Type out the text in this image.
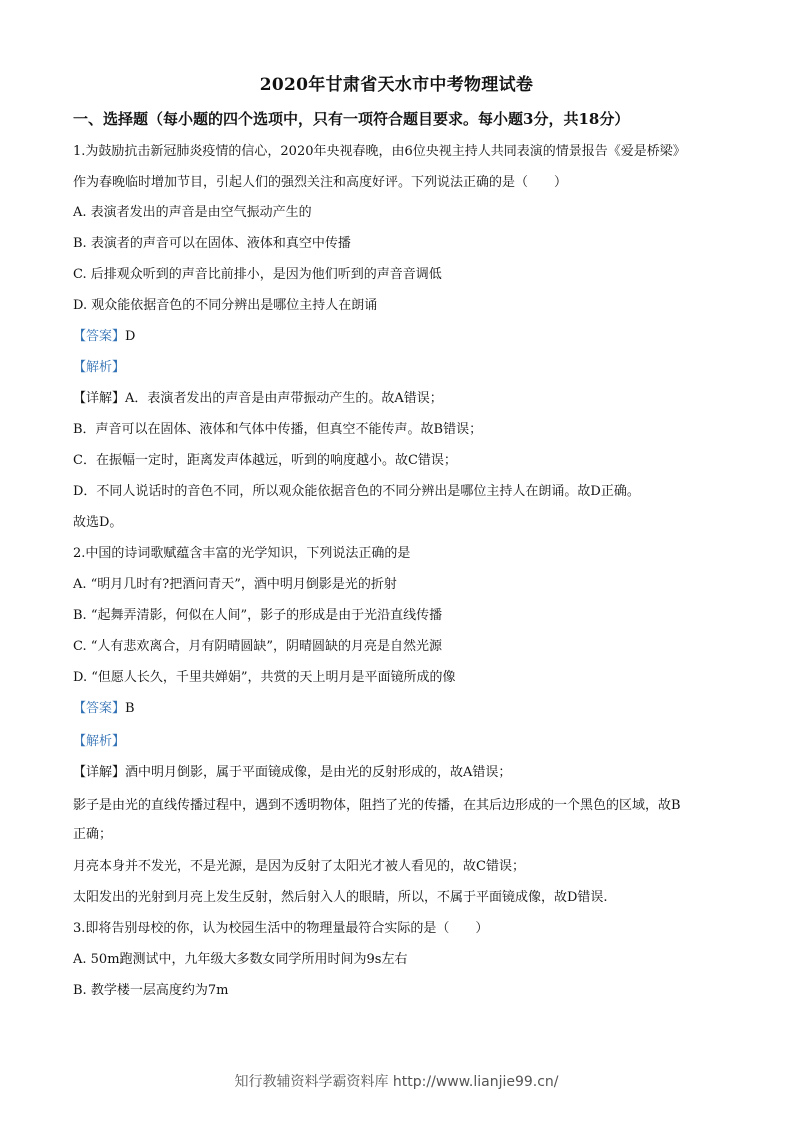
2020年甘肃省天水市中考物理试卷
一、选择题（每小题的四个选项中，只有一项符合题目要求。每小题3分，共18分）
1.为鼓励抗击新冠肺炎疫情的信心，2020年央视春晚，由6位央视主持人共同表演的情景报告《爱是桥梁》
作为春晚临时增加节目，引起人们的强烈关注和高度好评。下列说法正确的是（　　）
A. 表演者发出的声音是由空气振动产生的
B. 表演者的声音可以在固体、液体和真空中传播
C. 后排观众听到的声音比前排小，是因为他们听到的声音音调低
D. 观众能依据音色的不同分辨出是哪位主持人在朗诵
【答案】D
【解析】
【详解】A．表演者发出的声音是由声带振动产生的。故A错误；
B．声音可以在固体、液体和气体中传播，但真空不能传声。故B错误；
C．在振幅一定时，距离发声体越远，听到的响度越小。故C错误；
D．不同人说话时的音色不同，所以观众能依据音色的不同分辨出是哪位主持人在朗诵。故D正确。
故选D。
2.中国的诗词歌赋蕴含丰富的光学知识，下列说法正确的是
A. “明月几时有?把酒问青天”，酒中明月倒影是光的折射
B. “起舞弄清影，何似在人间”，影子的形成是由于光沿直线传播
C. “人有悲欢离合，月有阴晴圆缺”，阴晴圆缺的月亮是自然光源
D. “但愿人长久，千里共婵娟”，共赏的天上明月是平面镜所成的像
【答案】B
【解析】
【详解】酒中明月倒影，属于平面镜成像，是由光的反射形成的，故A错误；
影子是由光的直线传播过程中，遇到不透明物体，阻挡了光的传播，在其后边形成的一个黑色的区域，故B
正确；
月亮本身并不发光，不是光源，是因为反射了太阳光才被人看见的，故C错误；
太阳发出的光射到月亮上发生反射，然后射入人的眼睛，所以，不属于平面镜成像，故D错误.
3.即将告别母校的你，认为校园生活中的物理量最符合实际的是（　　）
A. 50m跑测试中，九年级大多数女同学所用时间为9s左右
B. 教学楼一层高度约为7m
知行教辅资料学霸资料库 http://www.lianjie99.cn/
